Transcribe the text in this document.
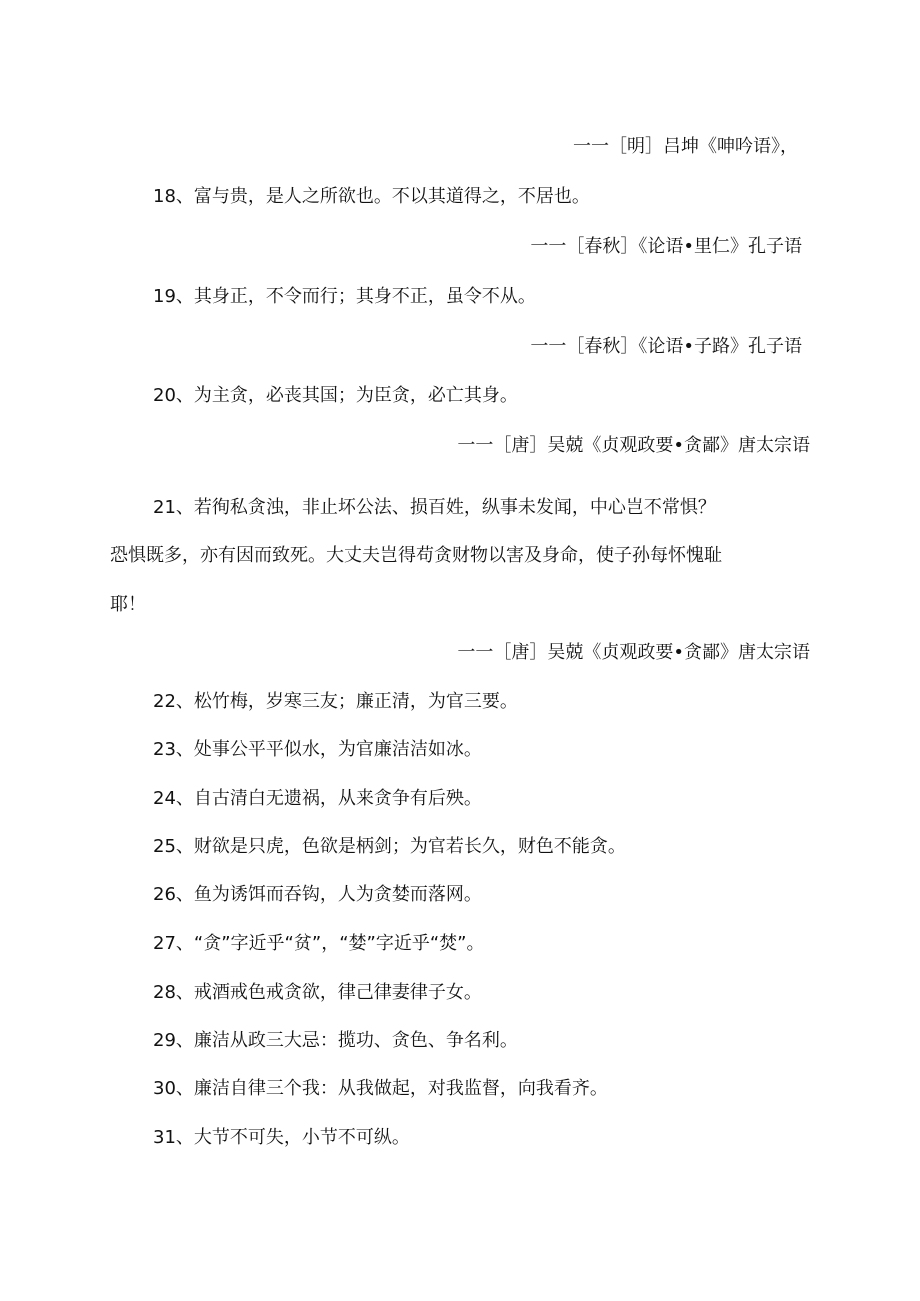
一一［明］吕坤《呻吟语》，
18、富与贵，是人之所欲也。不以其道得之，不居也。
一一［春秋］《论语•里仁》孔子语
19、其身正，不令而行；其身不正，虽令不从。
一一［春秋］《论语•子路》孔子语
20、为主贪，必丧其国；为臣贪，必亡其身。
一一［唐］吴兢《贞观政要•贪鄙》唐太宗语
21、若徇私贪浊，非止坏公法、损百姓，纵事未发闻，中心岂不常惧？
恐惧既多，亦有因而致死。大丈夫岂得苟贪财物以害及身命，使子孙每怀愧耻
耶！
一一［唐］吴兢《贞观政要•贪鄙》唐太宗语
22、松竹梅，岁寒三友；廉正清，为官三要。
23、处事公平平似水，为官廉洁洁如冰。
24、自古清白无遗祸，从来贪争有后殃。
25、财欲是只虎，色欲是柄剑；为官若长久，财色不能贪。
26、鱼为诱饵而吞钩，人为贪婪而落网。
27、“贪”字近乎“贫”，“婪”字近乎“焚”。
28、戒酒戒色戒贪欲，律己律妻律子女。
29、廉洁从政三大忌：揽功、贪色、争名利。
30、廉洁自律三个我：从我做起，对我监督，向我看齐。
31、大节不可失，小节不可纵。
